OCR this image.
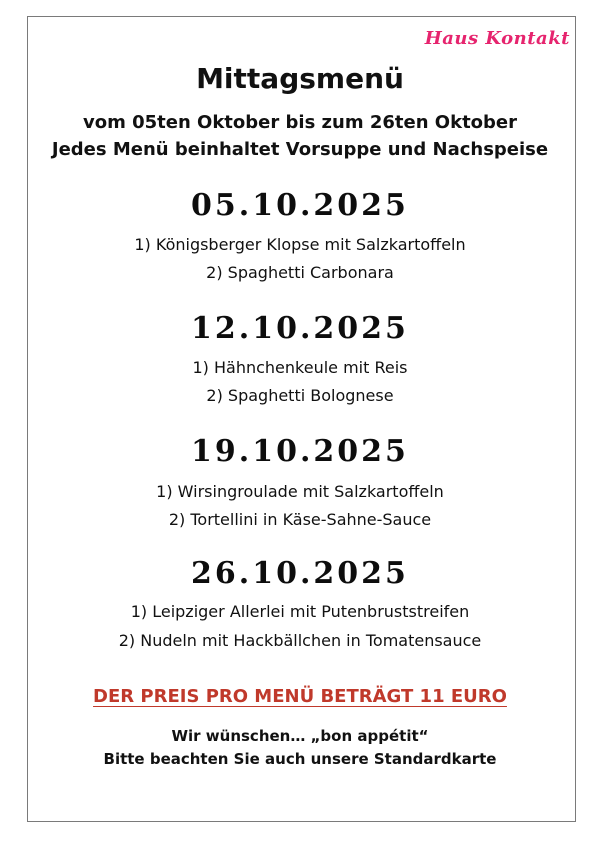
Haus Kontakt
Mittagsmenü
vom 05ten Oktober bis zum 26ten Oktober
Jedes Menü beinhaltet Vorsuppe und Nachspeise
05.10.2025
1) Königsberger Klopse mit Salzkartoffeln
2) Spaghetti Carbonara
12.10.2025
1) Hähnchenkeule mit Reis
2) Spaghetti Bolognese
19.10.2025
1) Wirsingroulade mit Salzkartoffeln
2) Tortellini in Käse-Sahne-Sauce
26.10.2025
1) Leipziger Allerlei mit Putenbruststreifen
2) Nudeln mit Hackbällchen in Tomatensauce
DER PREIS PRO MENÜ BETRÄGT 11 EURO
Wir wünschen… „bon appétit“
Bitte beachten Sie auch unsere Standardkarte
